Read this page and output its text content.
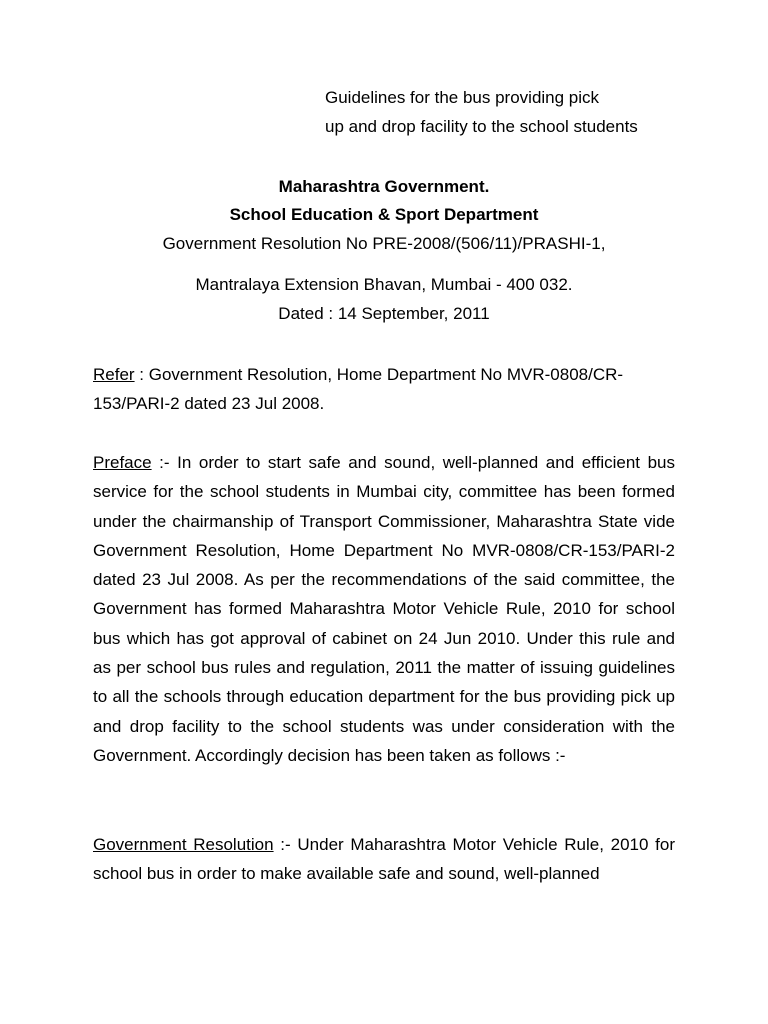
Guidelines for the bus providing pick
up and drop facility to the school students
Maharashtra Government.
School Education & Sport Department
Government Resolution No PRE-2008/(506/11)/PRASHI-1,
Mantralaya Extension Bhavan, Mumbai - 400 032.
Dated : 14 September, 2011
Refer : Government Resolution, Home Department No MVR-0808/CR-153/PARI-2 dated 23 Jul 2008.
Preface :- In order to start safe and sound, well-planned and efficient bus service for the school students in Mumbai city, committee has been formed under the chairmanship of Transport Commissioner, Maharashtra State vide Government Resolution, Home Department No MVR-0808/CR-153/PARI-2 dated 23 Jul 2008. As per the recommendations of the said committee, the Government has formed Maharashtra Motor Vehicle Rule, 2010 for school bus which has got approval of cabinet on 24 Jun 2010. Under this rule and as per school bus rules and regulation, 2011 the matter of issuing guidelines to all the schools through education department for the bus providing pick up and drop facility to the school students was under consideration with the Government. Accordingly decision has been taken as follows :-
Government Resolution :- Under Maharashtra Motor Vehicle Rule, 2010 for school bus in order to make available safe and sound, well-planned
